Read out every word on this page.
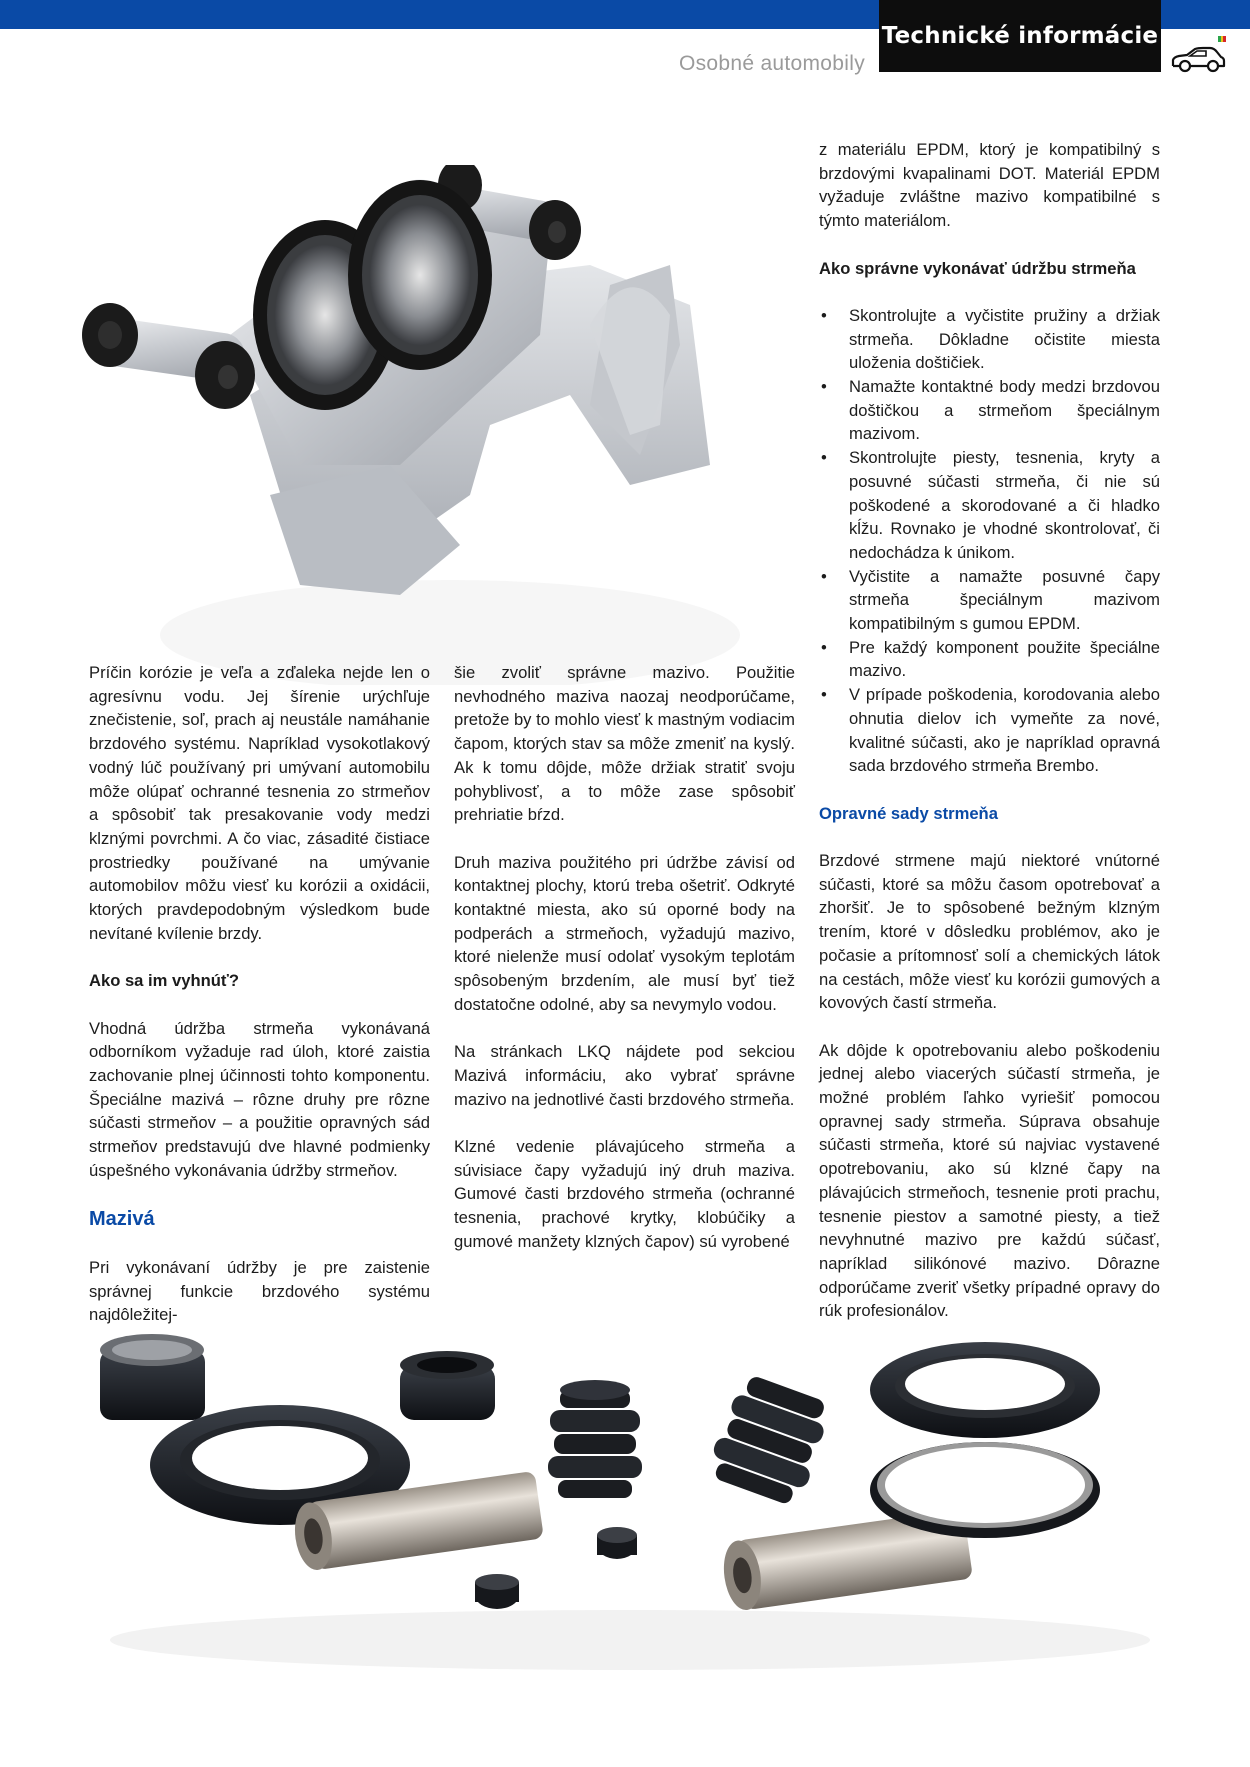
Technické informácie
Osobné automobily

Príčin korózie je veľa a zďaleka nejde len o agresívnu vodu. Jej šírenie urýchľuje znečistenie, soľ, prach aj neustále namáhanie brzdového systému. Napríklad vysokotlakový vodný lúč používaný pri umývaní automobilu môže olúpať ochranné tesnenia zo strmeňov a spôsobiť tak presakovanie vody medzi klznými povrchmi. A čo viac, zásadité čistiace prostriedky používané na umývanie automobilov môžu viesť ku korózii a oxidácii, ktorých pravdepodobným výsledkom bude nevítané kvílenie brzdy.

Ako sa im vyhnúť?

Vhodná údržba strmeňa vykonávaná odborníkom vyžaduje rad úloh, ktoré zaistia zachovanie plnej účinnosti tohto komponentu. Špeciálne mazivá – rôzne druhy pre rôzne súčasti strmeňov – a použitie opravných sád strmeňov predstavujú dve hlavné podmienky úspešného vykonávania údržby strmeňov.

Mazivá

Pri vykonávaní údržby je pre zaistenie správnej funkcie brzdového systému najdôležitej-

šie zvoliť správne mazivo. Použitie nevhodného maziva naozaj neodporúčame, pretože by to mohlo viesť k mastným vodiacim čapom, ktorých stav sa môže zmeniť na kyslý. Ak k tomu dôjde, môže držiak stratiť svoju pohyblivosť, a to môže zase spôsobiť prehriatie bŕzd.

Druh maziva použitého pri údržbe závisí od kontaktnej plochy, ktorú treba ošetriť. Odkryté kontaktné miesta, ako sú oporné body na podperách a strmeňoch, vyžadujú mazivo, ktoré nielenže musí odolať vysokým teplotám spôsobeným brzdením, ale musí byť tiež dostatočne odolné, aby sa nevymylo vodou.

Na stránkach LKQ nájdete pod sekciou Mazivá informáciu, ako vybrať správne mazivo na jednotlivé časti brzdového strmeňa.

Klzné vedenie plávajúceho strmeňa a súvisiace čapy vyžadujú iný druh maziva. Gumové časti brzdového strmeňa (ochranné tesnenia, prachové krytky, klobúčiky a gumové manžety klzných čapov) sú vyrobené

z materiálu EPDM, ktorý je kompatibilný s brzdovými kvapalinami DOT. Materiál EPDM vyžaduje zvláštne mazivo kompatibilné s týmto materiálom.

Ako správne vykonávať údržbu strmeňa

• Skontrolujte a vyčistite pružiny a držiak strmeňa. Dôkladne očistite miesta uloženia doštičiek.
• Namažte kontaktné body medzi brzdovou doštičkou a strmeňom špeciálnym mazivom.
• Skontrolujte piesty, tesnenia, kryty a posuvné súčasti strmeňa, či nie sú poškodené a skorodované a či hladko kĺžu. Rovnako je vhodné skontrolovať, či nedochádza k únikom.
• Vyčistite a namažte posuvné čapy strmeňa špeciálnym mazivom kompatibilným s gumou EPDM.
• Pre každý komponent použite špeciálne mazivo.
• V prípade poškodenia, korodovania alebo ohnutia dielov ich vymeňte za nové, kvalitné súčasti, ako je napríklad opravná sada brzdového strmeňa Brembo.

Opravné sady strmeňa

Brzdové strmene majú niektoré vnútorné súčasti, ktoré sa môžu časom opotrebovať a zhoršiť. Je to spôsobené bežným klzným trením, ktoré v dôsledku problémov, ako je počasie a prítomnosť solí a chemických látok na cestách, môže viesť ku korózii gumových a kovových častí strmeňa.

Ak dôjde k opotrebovaniu alebo poškodeniu jednej alebo viacerých súčastí strmeňa, je možné problém ľahko vyriešiť pomocou opravnej sady strmeňa. Súprava obsahuje súčasti strmeňa, ktoré sú najviac vystavené opotrebovaniu, ako sú klzné čapy na plávajúcich strmeňoch, tesnenie proti prachu, tesnenie piestov a samotné piesty, a tiež nevyhnutné mazivo pre každú súčasť, napríklad silikónové mazivo. Dôrazne odporúčame zveriť všetky prípadné opravy do rúk profesionálov.
